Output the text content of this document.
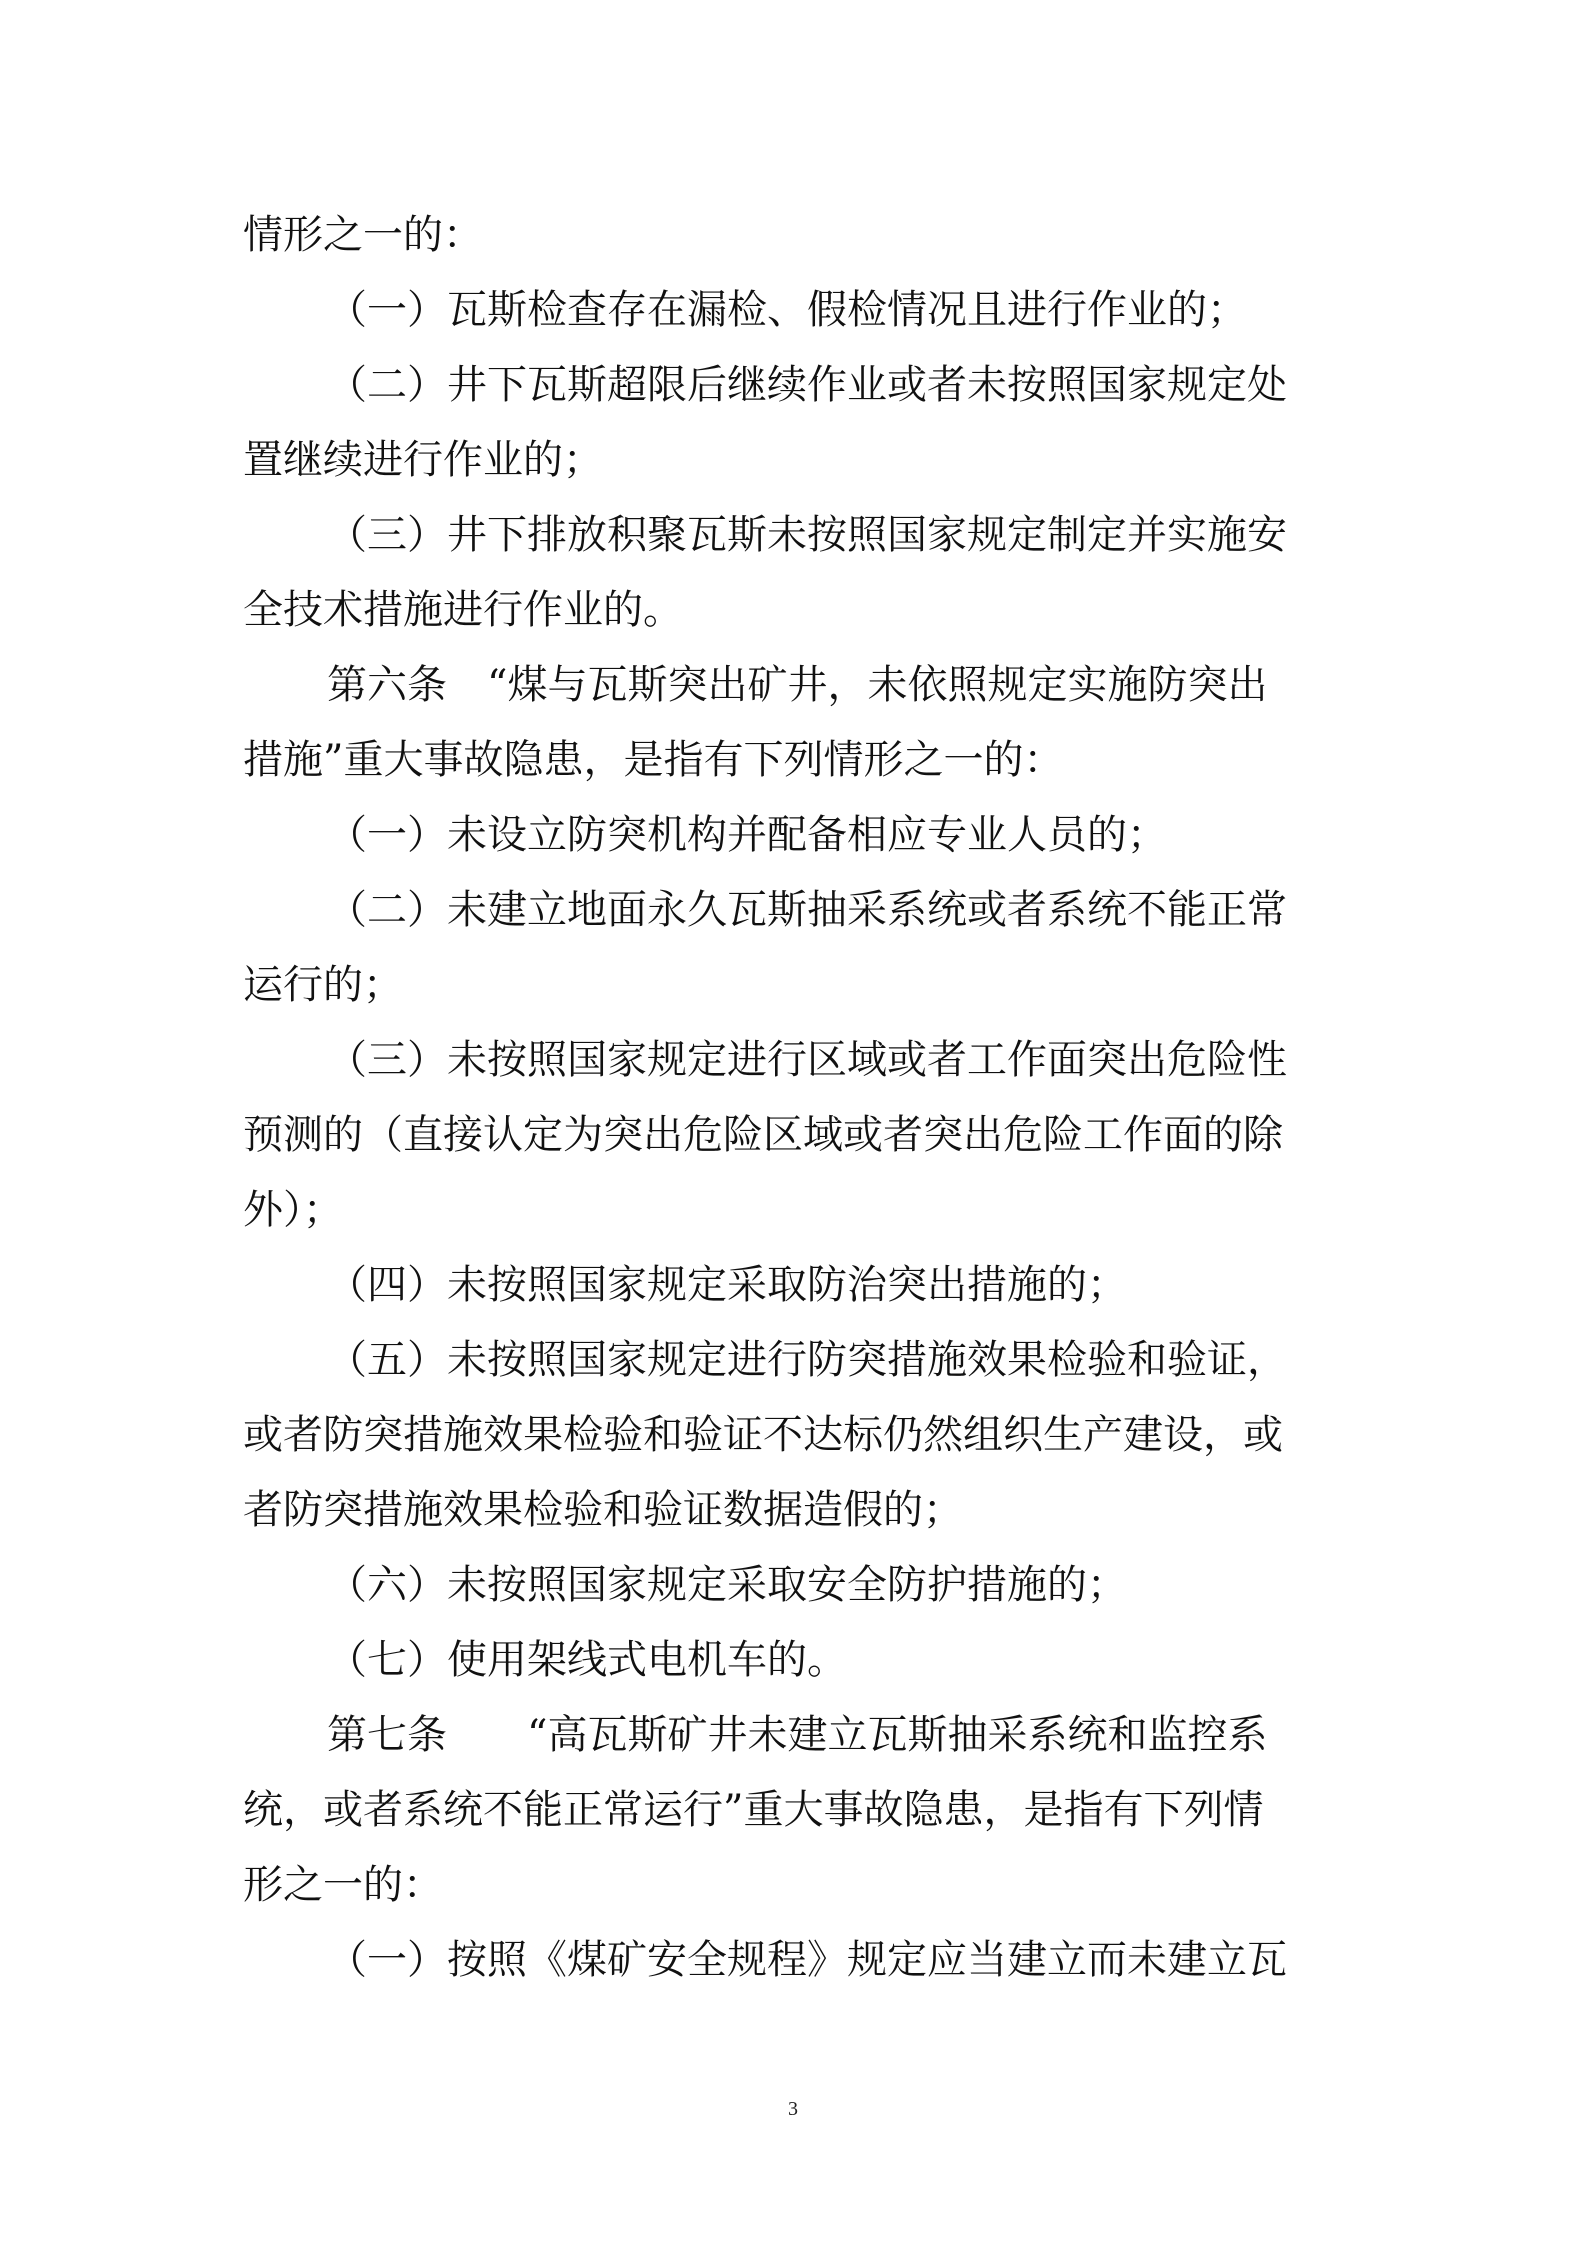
情形之一的：
（一）瓦斯检查存在漏检、假检情况且进行作业的；
（二）井下瓦斯超限后继续作业或者未按照国家规定处
置继续进行作业的；
（三）井下排放积聚瓦斯未按照国家规定制定并实施安
全技术措施进行作业的。
第六条　“煤与瓦斯突出矿井，未依照规定实施防突出
措施”重大事故隐患，是指有下列情形之一的：
（一）未设立防突机构并配备相应专业人员的；
（二）未建立地面永久瓦斯抽采系统或者系统不能正常
运行的；
（三）未按照国家规定进行区域或者工作面突出危险性
预测的（直接认定为突出危险区域或者突出危险工作面的除
外）；
（四）未按照国家规定采取防治突出措施的；
（五）未按照国家规定进行防突措施效果检验和验证，
或者防突措施效果检验和验证不达标仍然组织生产建设，或
者防突措施效果检验和验证数据造假的；
（六）未按照国家规定采取安全防护措施的；
（七）使用架线式电机车的。
第七条　　“高瓦斯矿井未建立瓦斯抽采系统和监控系
统，或者系统不能正常运行”重大事故隐患，是指有下列情
形之一的：
（一）按照《煤矿安全规程》规定应当建立而未建立瓦
3
